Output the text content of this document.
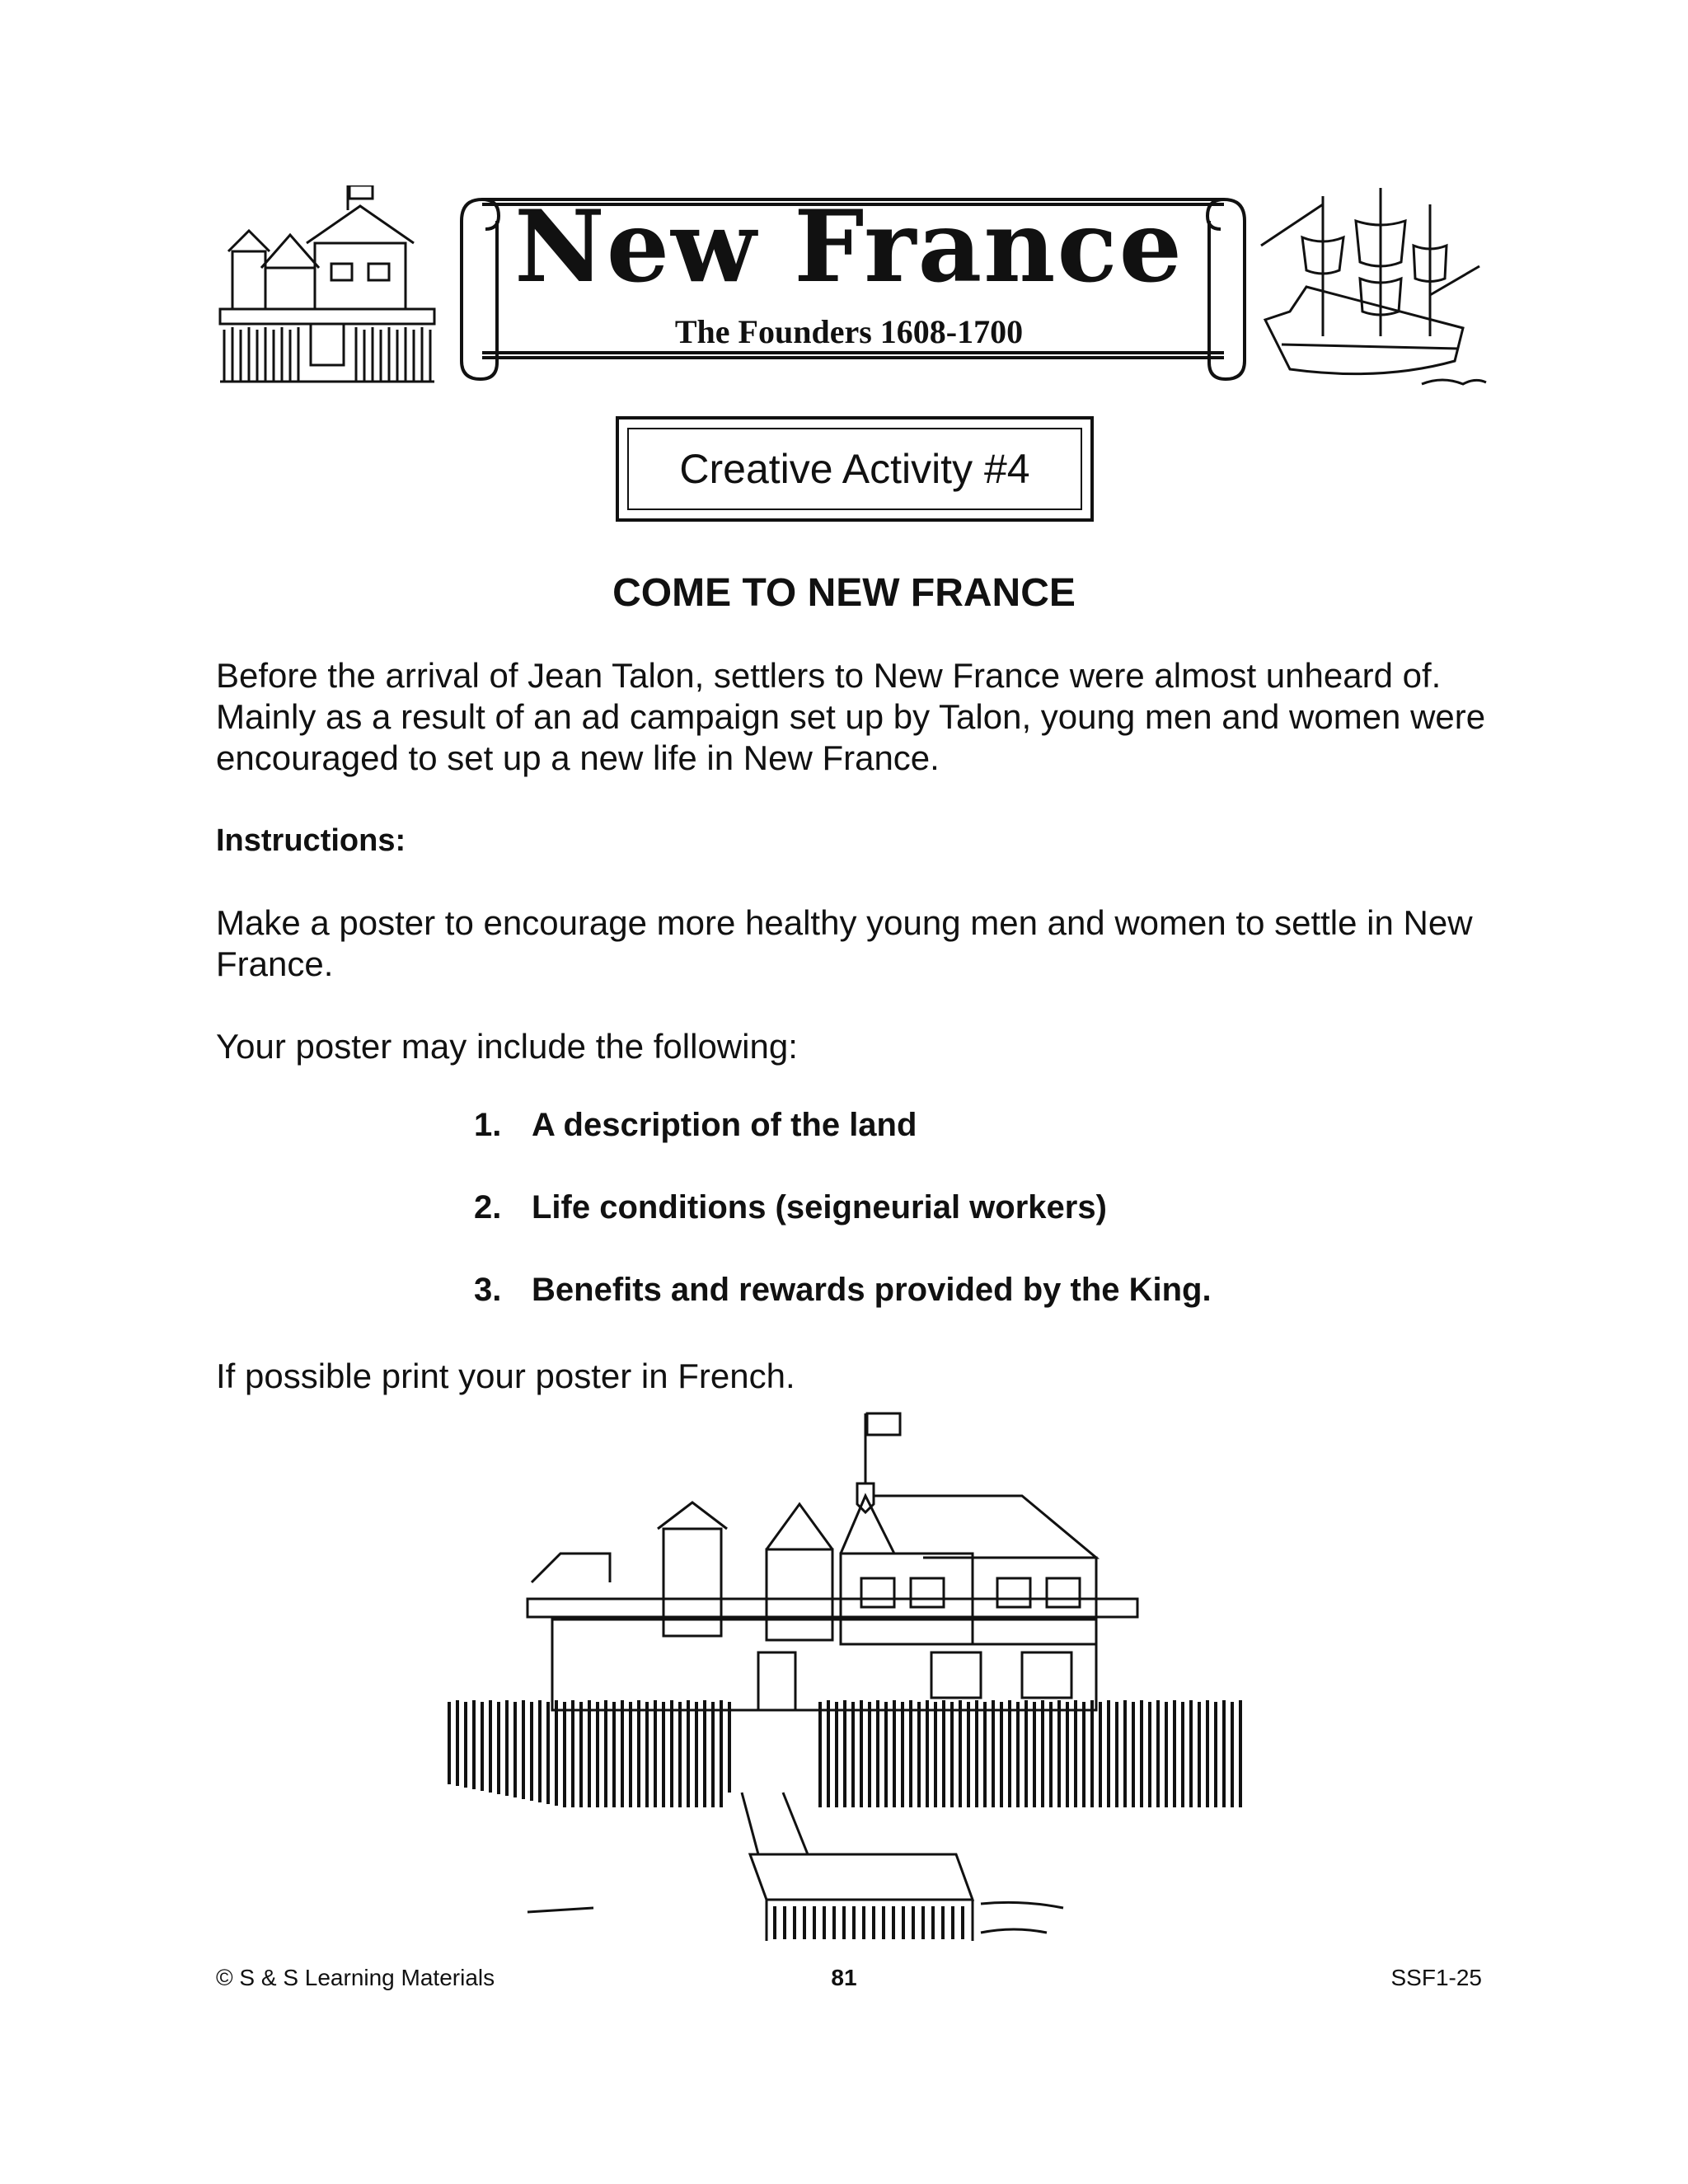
New France
The Founders 1608-1700
Creative Activity #4
COME TO NEW FRANCE

Before the arrival of Jean Talon, settlers to New France were almost unheard of. Mainly as a result of an ad campaign set up by Talon, young men and women were encouraged to set up a new life in New France.

Instructions:

Make a poster to encourage more healthy young men and women to settle in New France.

Your poster may include the following:

1. A description of the land
2. Life conditions (seigneurial workers)
3. Benefits and rewards provided by the King.

If possible print your poster in French.

© S & S Learning Materials	81	SSF1-25
